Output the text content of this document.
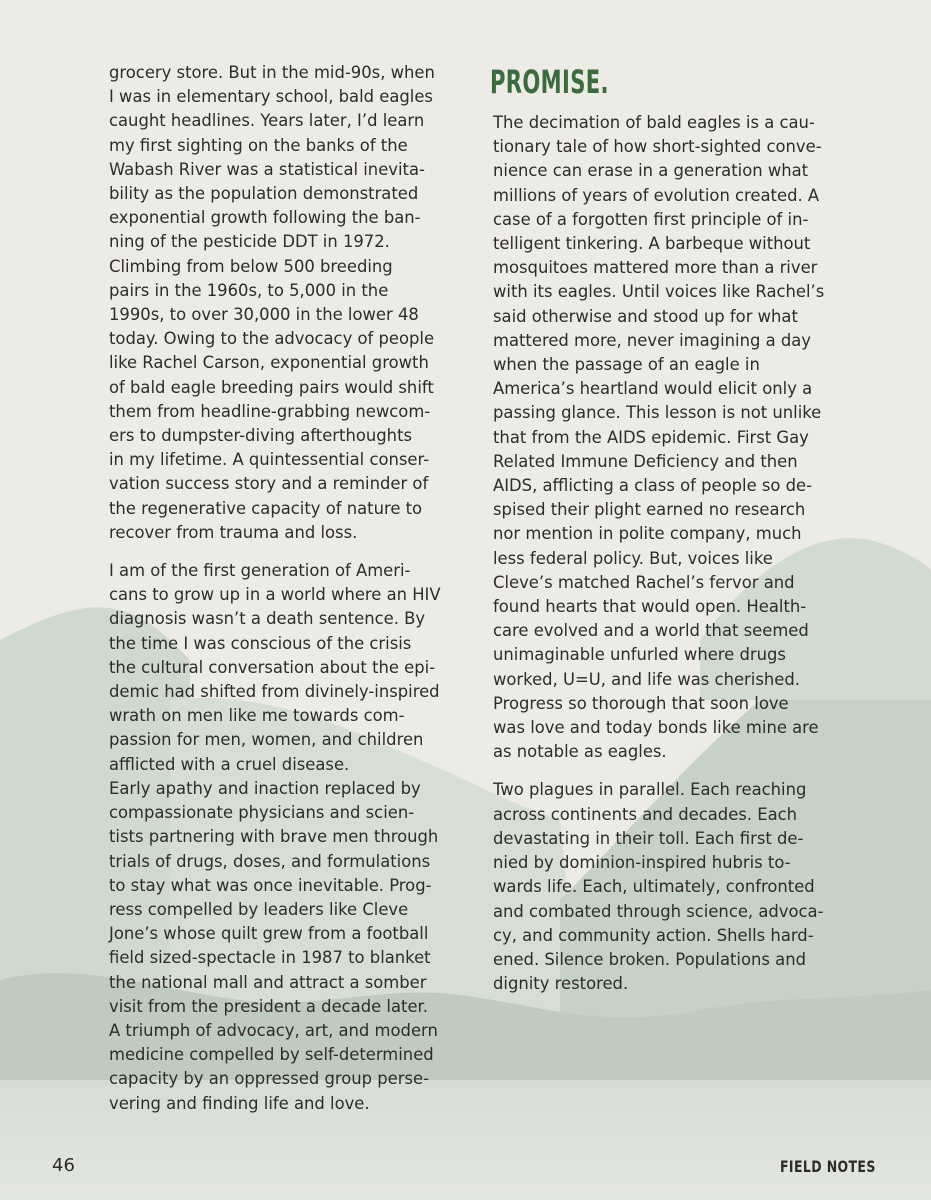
grocery store. But in the mid-90s, when
I was in elementary school, bald eagles
caught headlines. Years later, I’d learn
my first sighting on the banks of the
Wabash River was a statistical inevita-
bility as the population demonstrated
exponential growth following the ban-
ning of the pesticide DDT in 1972.
Climbing from below 500 breeding
pairs in the 1960s, to 5,000 in the
1990s, to over 30,000 in the lower 48
today. Owing to the advocacy of people
like Rachel Carson, exponential growth
of bald eagle breeding pairs would shift
them from headline-grabbing newcom-
ers to dumpster-diving afterthoughts
in my lifetime. A quintessential conser-
vation success story and a reminder of
the regenerative capacity of nature to
recover from trauma and loss.

I am of the first generation of Ameri-
cans to grow up in a world where an HIV
diagnosis wasn’t a death sentence. By
the time I was conscious of the crisis
the cultural conversation about the epi-
demic had shifted from divinely-inspired
wrath on men like me towards com-
passion for men, women, and children
afflicted with a cruel disease.

Early apathy and inaction replaced by
compassionate physicians and scien-
tists partnering with brave men through
trials of drugs, doses, and formulations
to stay what was once inevitable. Prog-
ress compelled by leaders like Cleve
Jone’s whose quilt grew from a football
field sized-spectacle in 1987 to blanket
the national mall and attract a somber
visit from the president a decade later.
A triumph of advocacy, art, and modern
medicine compelled by self-determined
capacity by an oppressed group perse-
vering and finding life and love.

PROMISE.

The decimation of bald eagles is a cau-
tionary tale of how short-sighted conve-
nience can erase in a generation what
millions of years of evolution created. A
case of a forgotten first principle of in-
telligent tinkering. A barbeque without
mosquitoes mattered more than a river
with its eagles. Until voices like Rachel’s
said otherwise and stood up for what
mattered more, never imagining a day
when the passage of an eagle in
America’s heartland would elicit only a
passing glance. This lesson is not unlike
that from the AIDS epidemic. First Gay
Related Immune Deficiency and then
AIDS, afflicting a class of people so de-
spised their plight earned no research
nor mention in polite company, much
less federal policy. But, voices like
Cleve’s matched Rachel’s fervor and
found hearts that would open. Health-
care evolved and a world that seemed
unimaginable unfurled where drugs
worked, U=U, and life was cherished.
Progress so thorough that soon love
was love and today bonds like mine are
as notable as eagles.

Two plagues in parallel. Each reaching
across continents and decades. Each
devastating in their toll. Each first de-
nied by dominion-inspired hubris to-
wards life. Each, ultimately, confronted
and combated through science, advoca-
cy, and community action. Shells hard-
ened. Silence broken. Populations and
dignity restored.

46	FIELD NOTES
